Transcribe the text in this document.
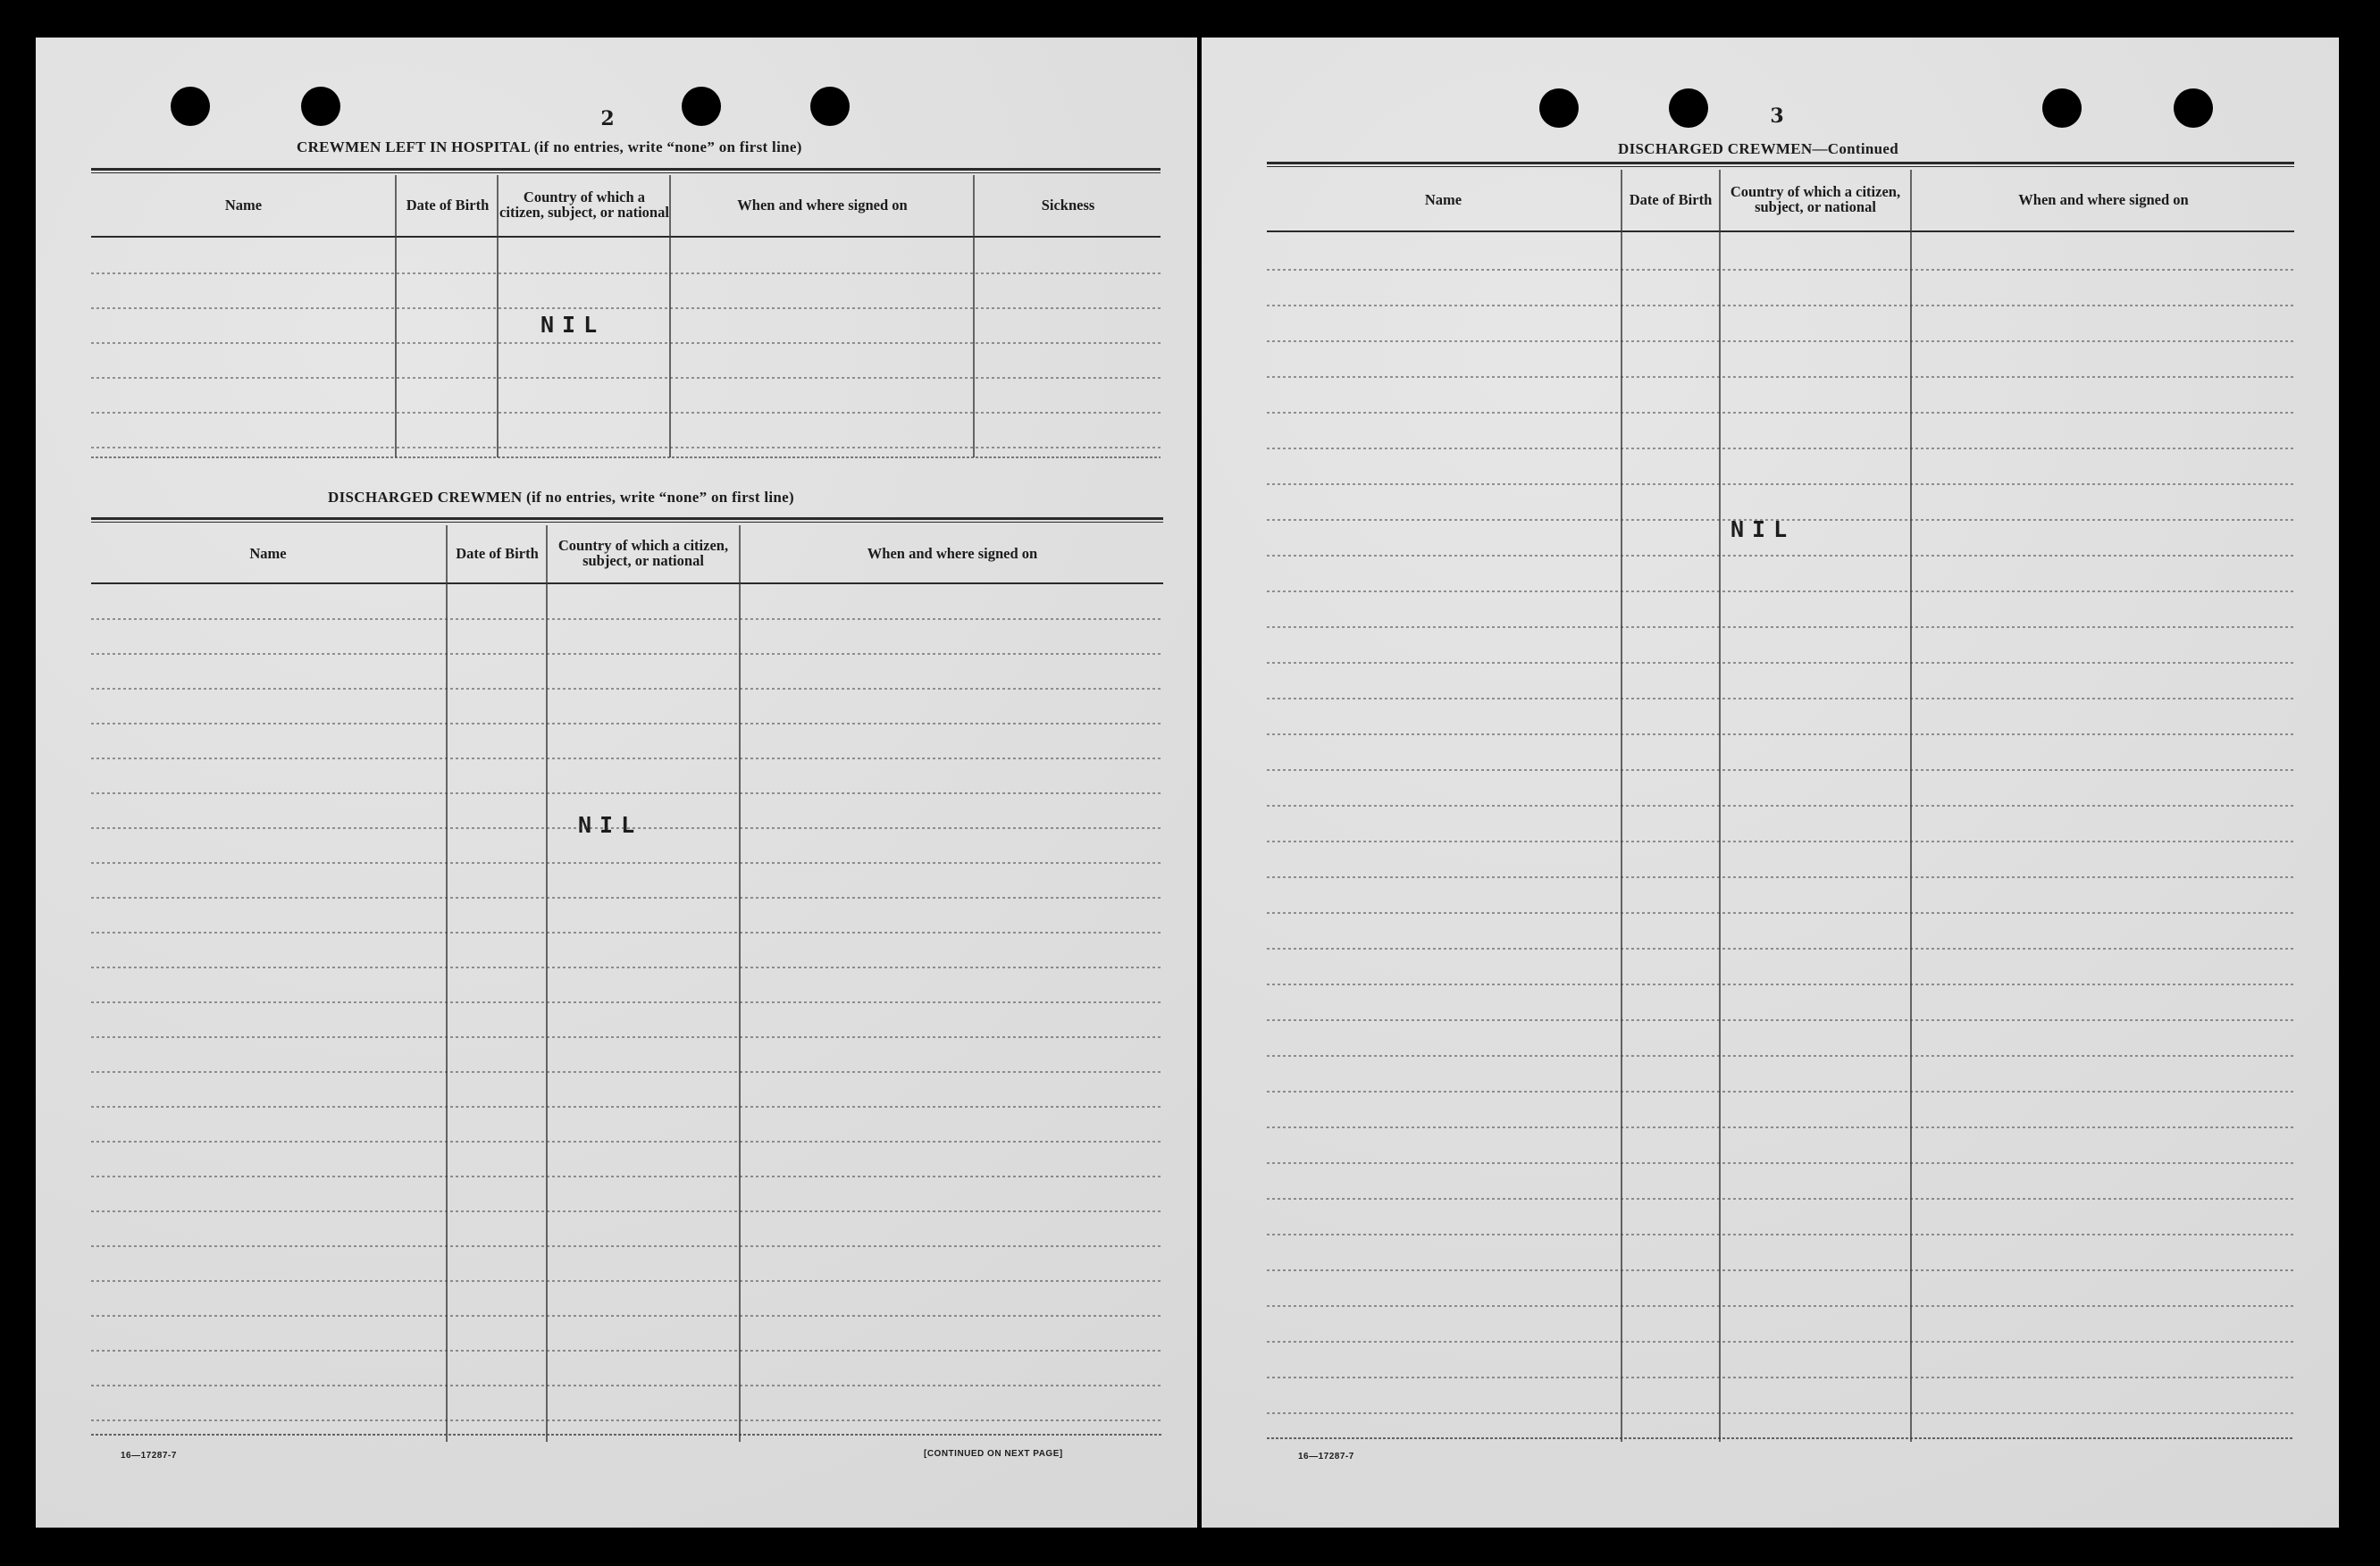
2
CREWMEN LEFT IN HOSPITAL (if no entries, write “none” on first line)
Name	Date of Birth	Country of which a citizen, subject, or national	When and where signed on	Sickness
NIL
DISCHARGED CREWMEN (if no entries, write “none” on first line)
Name	Date of Birth	Country of which a citizen, subject, or national	When and where signed on
NIL
16—17287-7	[CONTINUED ON NEXT PAGE]
3
DISCHARGED CREWMEN—Continued
Name	Date of Birth	Country of which a citizen, subject, or national	When and where signed on
NIL
16—17287-7
